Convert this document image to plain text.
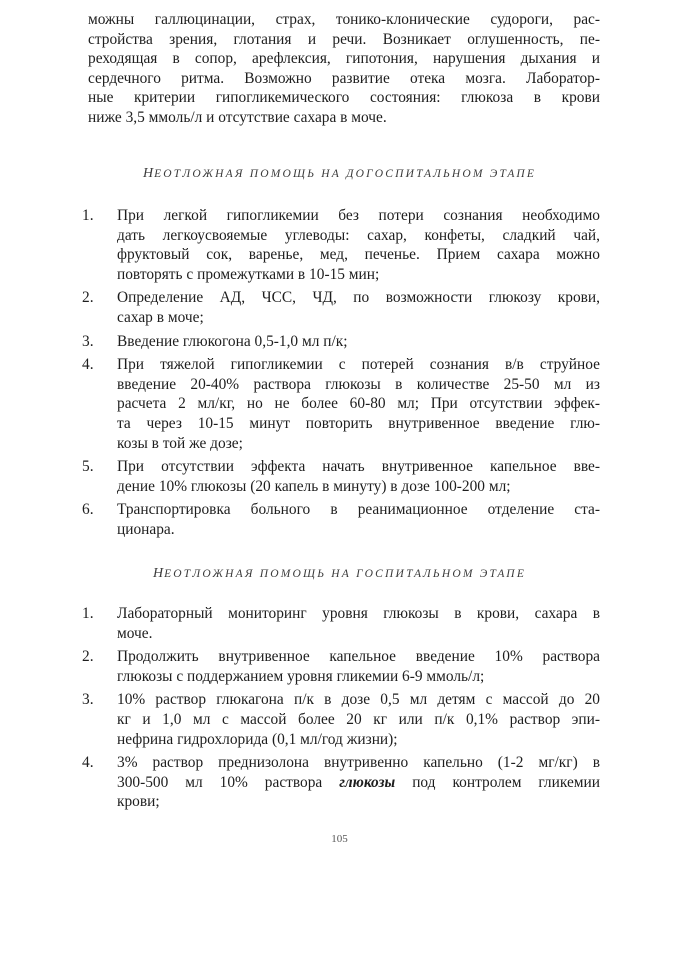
можны галлюцинации, страх, тонико-клонические судороги, рас-
стройства зрения, глотания и речи. Возникает оглушенность, пе-
реходящая в сопор, арефлексия, гипотония, нарушения дыхания и
сердечного ритма. Возможно развитие отека мозга. Лаборатор-
ные критерии гипогликемического состояния: глюкоза в крови
ниже 3,5 ммоль/л и отсутствие сахара в моче.
НЕОТЛОЖНАЯ ПОМОЩЬ НА ДОГОСПИТАЛЬНОМ ЭТАПЕ
1.	При легкой гипогликемии без потери сознания необходимо
дать легкоусвояемые углеводы: сахар, конфеты, сладкий чай,
фруктовый сок, варенье, мед, печенье. Прием сахара можно
повторять с промежутками в 10-15 мин;
2.	Определение АД, ЧСС, ЧД, по возможности глюкозу крови,
сахар в моче;
3.	Введение глюкогона 0,5-1,0 мл п/к;
4.	При тяжелой гипогликемии с потерей сознания в/в струйное
введение 20-40% раствора глюкозы в количестве 25-50 мл из
расчета 2 мл/кг, но не более 60-80 мл; При отсутствии эффек-
та через 10-15 минут повторить внутривенное введение глю-
козы в той же дозе;
5.	При отсутствии эффекта начать внутривенное капельное вве-
дение 10% глюкозы (20 капель в минуту) в дозе 100-200 мл;
6.	Транспортировка больного в реанимационное отделение ста-
ционара.
НЕОТЛОЖНАЯ ПОМОЩЬ НА ГОСПИТАЛЬНОМ ЭТАПЕ
1.	Лабораторный мониторинг уровня глюкозы в крови, сахара в
моче.
2.	Продолжить внутривенное капельное введение 10% раствора
глюкозы с поддержанием уровня гликемии 6-9 ммоль/л;
3.	10% раствор глюкагона п/к в дозе 0,5 мл детям с массой до 20
кг и 1,0 мл с массой более 20 кг или п/к 0,1% раствор эпи-
нефрина гидрохлорида (0,1 мл/год жизни);
4.	3% раствор преднизолона внутривенно капельно (1-2 мг/кг) в
300-500 мл 10% раствора глюкозы под контролем гликемии
крови;
105
